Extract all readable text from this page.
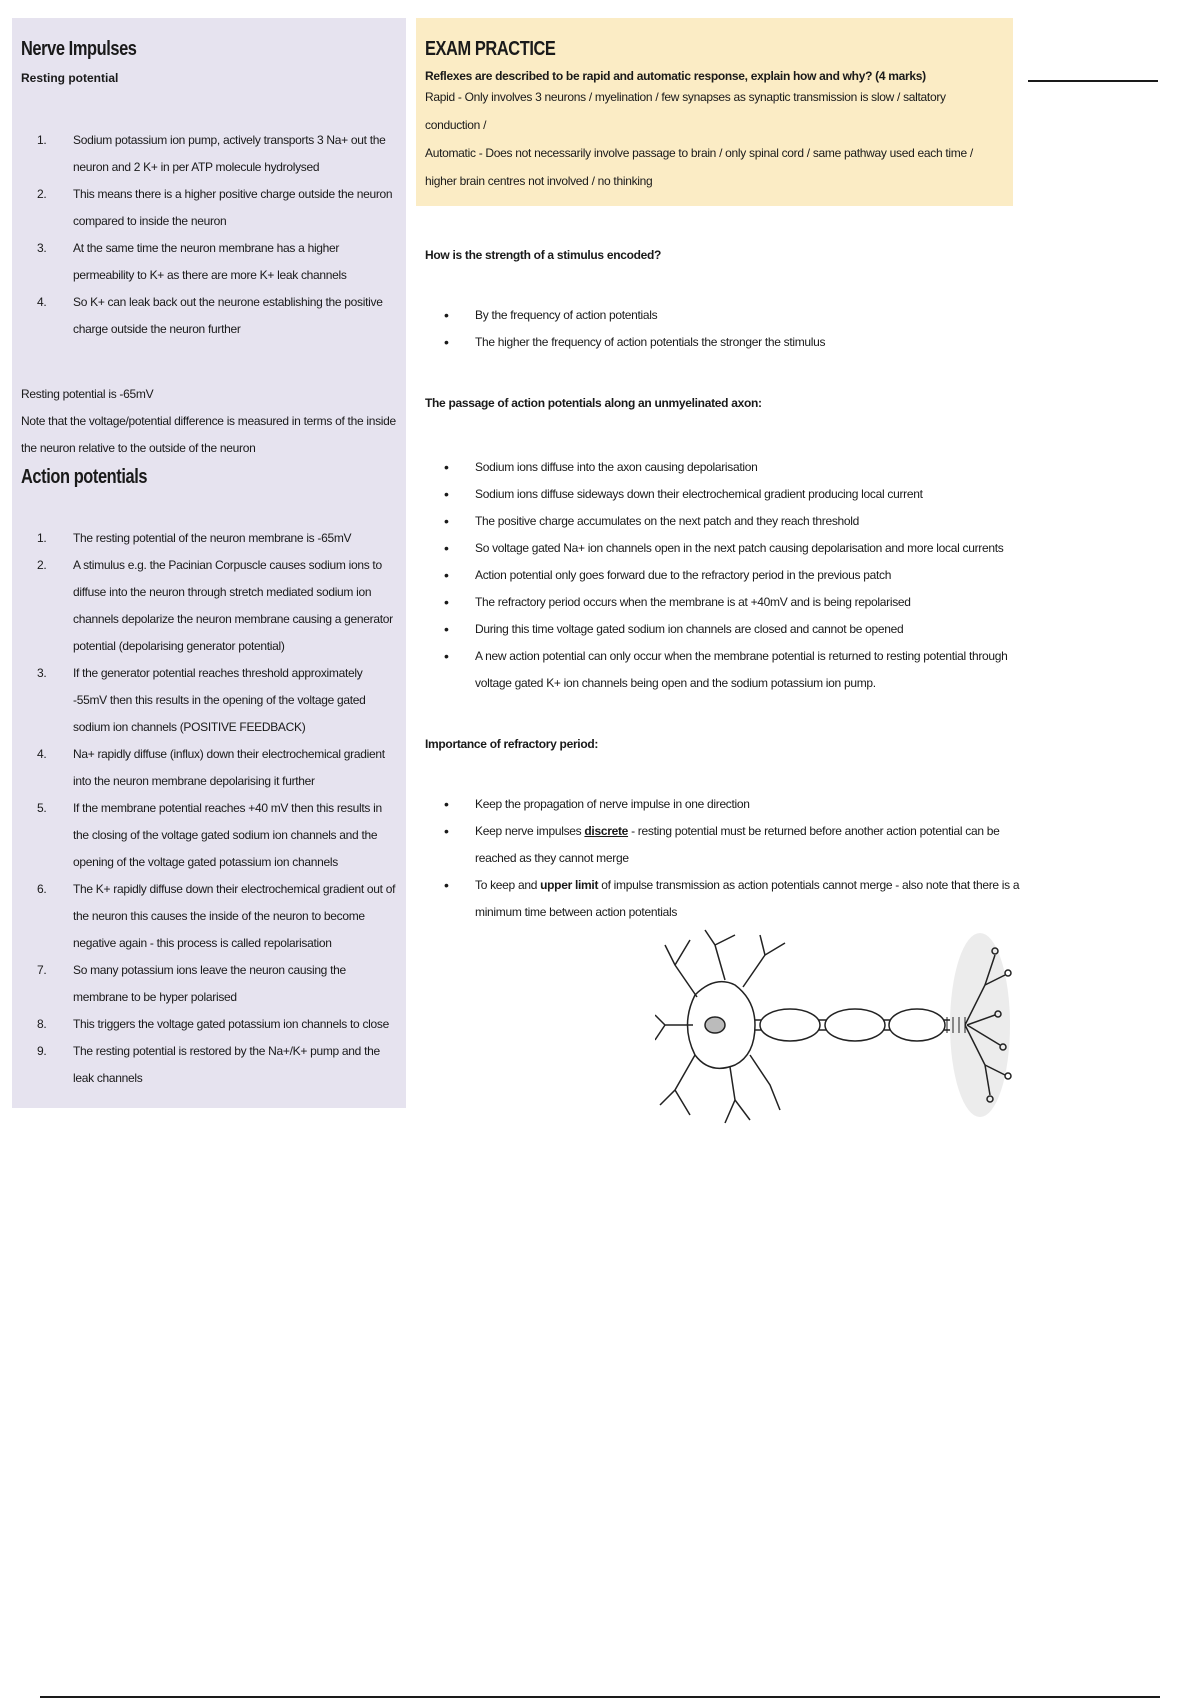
Nerve Impulses

Resting potential

1. Sodium potassium ion pump, actively transports 3 Na+ out the neuron and 2 K+ in per ATP molecule hydrolysed
2. This means there is a higher positive charge outside the neuron compared to inside the neuron
3. At the same time the neuron membrane has a higher permeability to K+ as there are more K+ leak channels
4. So K+ can leak back out the neurone establishing the positive charge outside the neuron further
Resting potential is -65mV
Note that the voltage/potential difference is measured in terms of the inside the neuron relative to the outside of the neuron
Action potentials
1. The resting potential of the neuron membrane is -65mV
2. A stimulus e.g. the Pacinian Corpuscle causes sodium ions to diffuse into the neuron through stretch mediated sodium ion channels depolarize the neuron membrane causing a generator potential (depolarising generator potential)
3. If the generator potential reaches threshold approximately -55mV then this results in the opening of the voltage gated sodium ion channels (POSITIVE FEEDBACK)
4. Na+ rapidly diffuse (influx) down their electrochemical gradient into the neuron membrane depolarising it further
5. If the membrane potential reaches +40 mV then this results in the closing of the voltage gated sodium ion channels and the opening of the voltage gated potassium ion channels
6. The K+ rapidly diffuse down their electrochemical gradient out of the neuron this causes the inside of the neuron to become negative again - this process is called repolarisation
7. So many potassium ions leave the neuron causing the membrane to be hyper polarised
8. This triggers the voltage gated potassium ion channels to close
9. The resting potential is restored by the Na+/K+ pump and the leak channels
EXAM PRACTICE

Reflexes are described to be rapid and automatic response, explain how and why? (4 marks)

Rapid - Only involves 3 neurons / myelination / few synapses as synaptic transmission is slow / saltatory conduction /
Automatic - Does not necessarily involve passage to brain / only spinal cord / same pathway used each time / higher brain centres not involved / no thinking

How is the strength of a stimulus encoded?

• By the frequency of action potentials
• The higher the frequency of action potentials the stronger the stimulus

The passage of action potentials along an unmyelinated axon:

• Sodium ions diffuse into the axon causing depolarisation
• Sodium ions diffuse sideways down their electrochemical gradient producing local current
• The positive charge accumulates on the next patch and they reach threshold
• So voltage gated Na+ ion channels open in the next patch causing depolarisation and more local currents
• Action potential only goes forward due to the refractory period in the previous patch
• The refractory period occurs when the membrane is at +40mV and is being repolarised
• During this time voltage gated sodium ion channels are closed and cannot be opened
• A new action potential can only occur when the membrane potential is returned to resting potential through voltage gated K+ ion channels being open and the sodium potassium ion pump.

Importance of refractory period:

• Keep the propagation of nerve impulse in one direction
• Keep nerve impulses discrete - resting potential must be returned before another action potential can be reached as they cannot merge
• To keep and upper limit of impulse transmission as action potentials cannot merge - also note that there is a minimum time between action potentials
